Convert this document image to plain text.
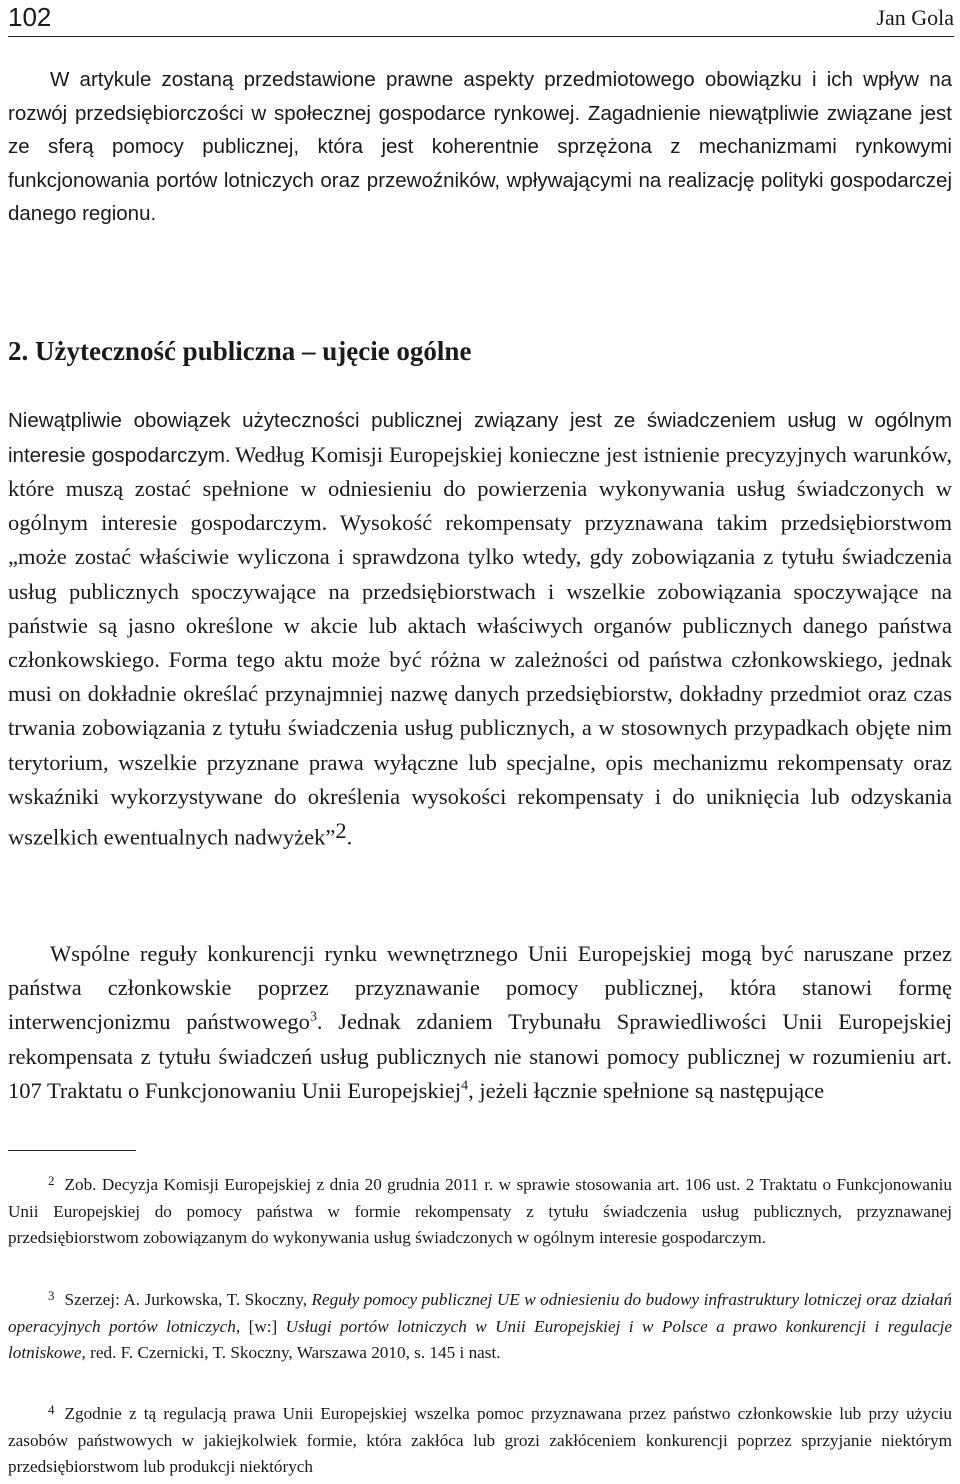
102	Jan Gola

W artykule zostaną przedstawione prawne aspekty przedmiotowego obowiązku i ich wpływ na rozwój przedsiębiorczości w społecznej gospodarce rynkowej. Zagadnienie niewątpliwie związane jest ze sferą pomocy publicznej, która jest koherentnie sprzężona z mechanizmami rynkowymi funkcjonowania portów lotniczych oraz przewoźników, wpływającymi na realizację polityki gospodarczej danego regionu.

2. Użyteczność publiczna – ujęcie ogólne

Niewątpliwie obowiązek użyteczności publicznej związany jest ze świadczeniem usług w ogólnym interesie gospodarczym. Według Komisji Europejskiej konieczne jest istnienie precyzyjnych warunków, które muszą zostać spełnione w odniesieniu do powierzenia wykonywania usług świadczonych w ogólnym interesie gospodarczym. Wysokość rekompensaty przyznawana takim przedsiębiorstwom „może zostać właściwie wyliczona i sprawdzona tylko wtedy, gdy zobowiązania z tytułu świadczenia usług publicznych spoczywające na przedsiębiorstwach i wszelkie zobowiązania spoczywające na państwie są jasno określone w akcie lub aktach właściwych organów publicznych danego państwa członkowskiego. Forma tego aktu może być różna w zależności od państwa członkowskiego, jednak musi on dokładnie określać przynajmniej nazwę danych przedsiębiorstw, dokładny przedmiot oraz czas trwania zobowiązania z tytułu świadczenia usług publicznych, a w stosownych przypadkach objęte nim terytorium, wszelkie przyznane prawa wyłączne lub specjalne, opis mechanizmu rekompensaty oraz wskaźniki wykorzystywane do określenia wysokości rekompensaty i do uniknięcia lub odzyskania wszelkich ewentualnych nadwyżek”$^2$.

Wspólne reguły konkurencji rynku wewnętrznego Unii Europejskiej mogą być naruszane przez państwa członkowskie poprzez przyznawanie pomocy publicznej, która stanowi formę interwencjonizmu państwowego$^3$. Jednak zdaniem Trybunału Sprawiedliwości Unii Europejskiej rekompensata z tytułu świadczeń usług publicznych nie stanowi pomocy publicznej w rozumieniu art. 107 Traktatu o Funkcjonowaniu Unii Europejskiej$^4$, jeżeli łącznie spełnione są następujące

$^2$ Zob. Decyzja Komisji Europejskiej z dnia 20 grudnia 2011 r. w sprawie stosowania art. 106 ust. 2 Traktatu o Funkcjonowaniu Unii Europejskiej do pomocy państwa w formie rekompensaty z tytułu świadczenia usług publicznych, przyznawanej przedsiębiorstwom zobowiązanym do wykonywania usług świadczonych w ogólnym interesie gospodarczym.

$^3$ Szerzej: A. Jurkowska, T. Skoczny, Reguły pomocy publicznej UE w odniesieniu do budowy infrastruktury lotniczej oraz działań operacyjnych portów lotniczych, [w:] Usługi portów lotniczych w Unii Europejskiej i w Polsce a prawo konkurencji i regulacje lotniskowe, red. F. Czernicki, T. Skoczny, Warszawa 2010, s. 145 i nast.

$^4$ Zgodnie z tą regulacją prawa Unii Europejskiej wszelka pomoc przyznawana przez państwo członkowskie lub przy użyciu zasobów państwowych w jakiejkolwiek formie, która zakłóca lub grozi zakłóceniem konkurencji poprzez sprzyjanie niektórym przedsiębiorstwom lub produkcji niektórych
